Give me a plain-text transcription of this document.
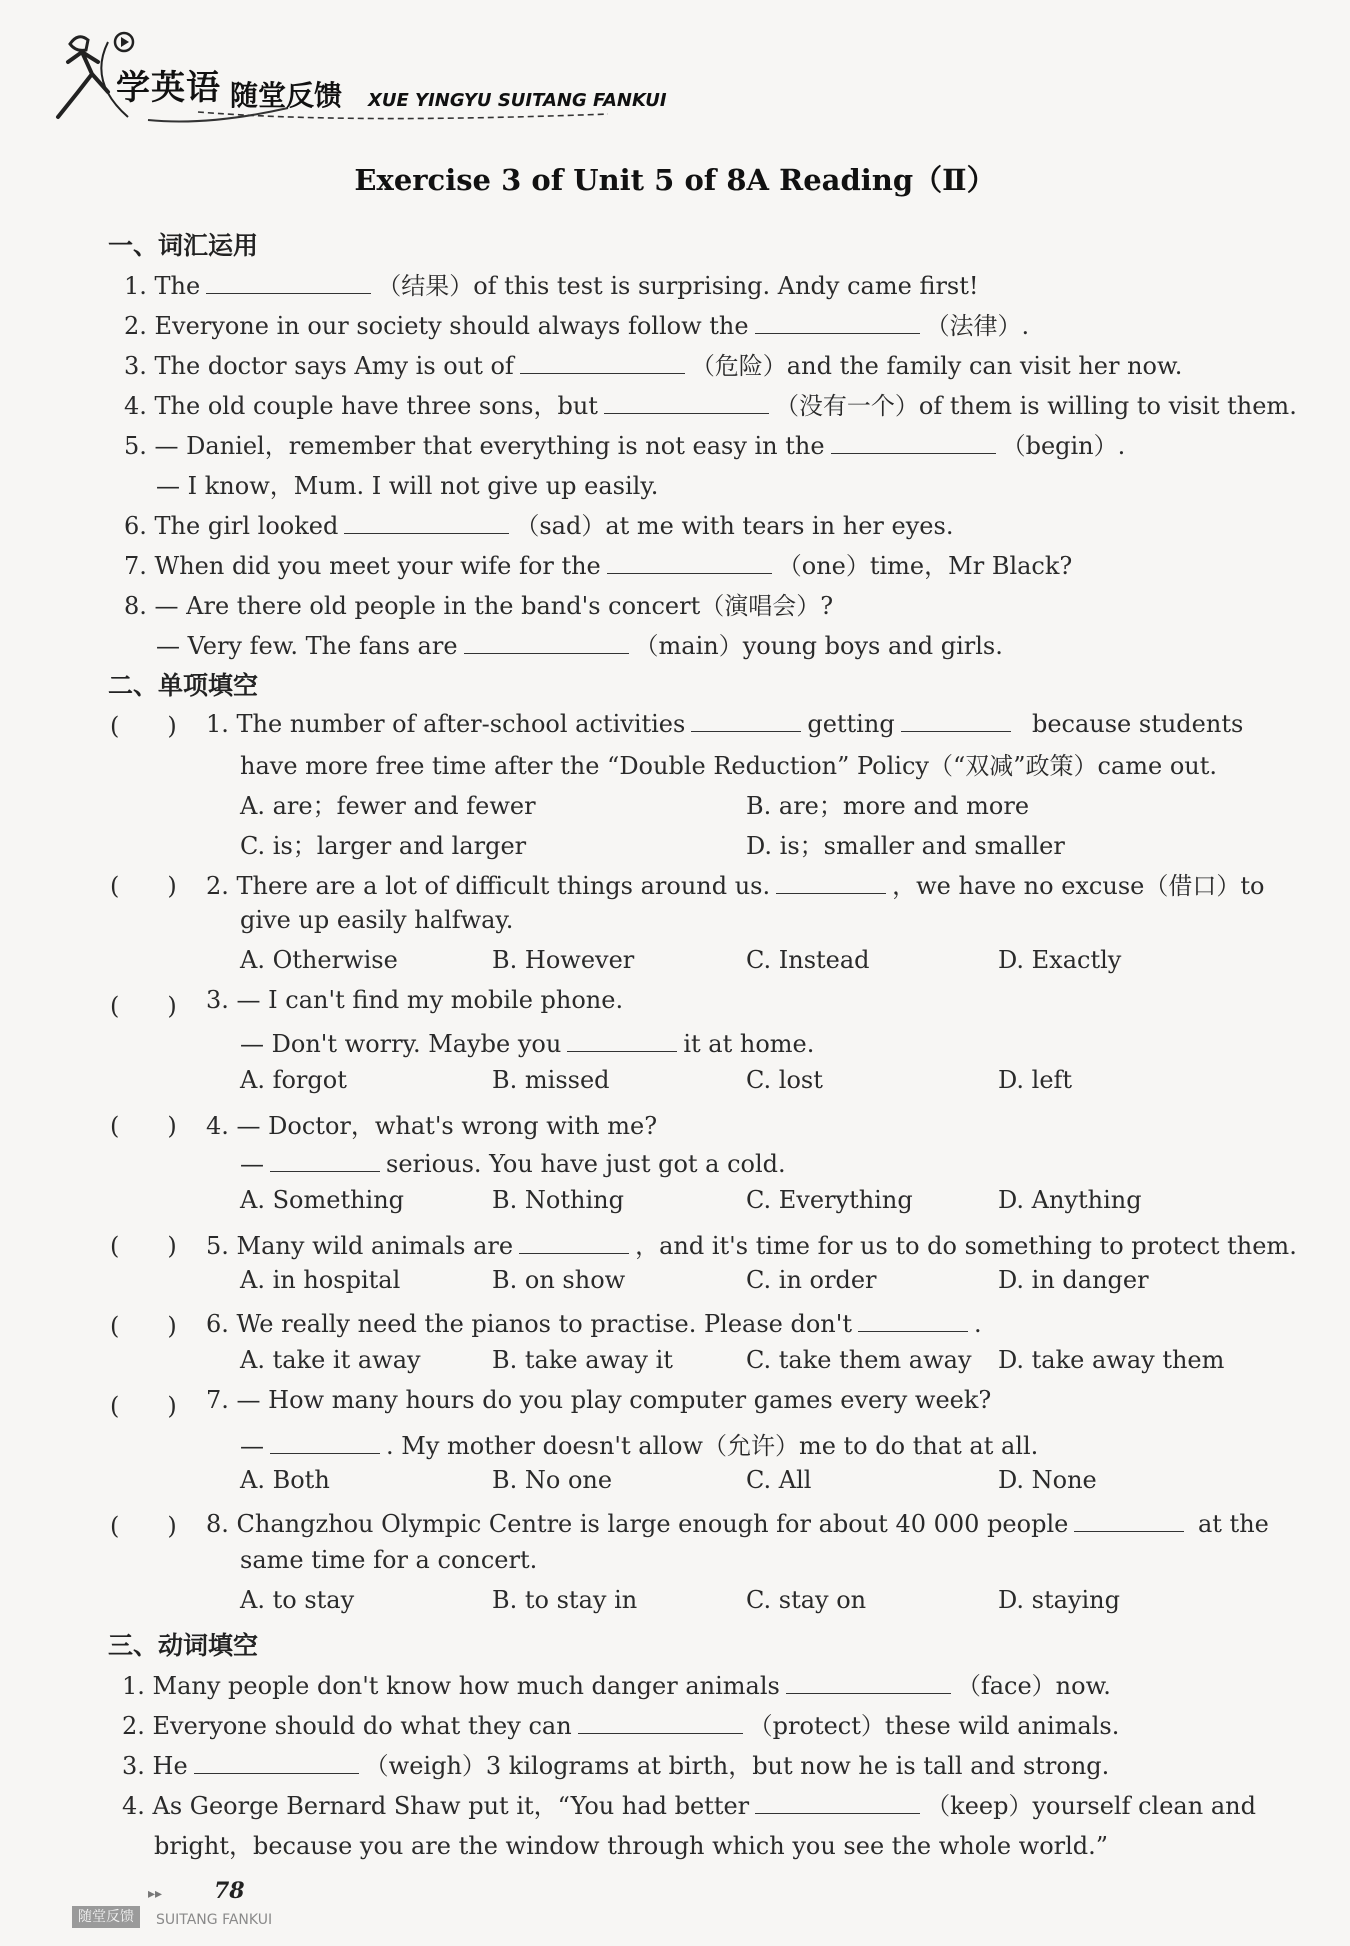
学英语 随堂反馈 XUE YINGYU SUITANG FANKUI
Exercise 3 of Unit 5 of 8A Reading（Ⅱ）
一、词汇运用
1. The	（结果）of this test is surprising. Andy came first!
2. Everyone in our society should always follow the	（法律）.
3. The doctor says Amy is out of	（危险）and the family can visit her now.
4. The old couple have three sons，but	（没有一个）of them is willing to visit them.
5. — Daniel，remember that everything is not easy in the	（begin）.
— I know，Mum. I will not give up easily.
6. The girl looked	（sad）at me with tears in her eyes.
7. When did you meet your wife for the	（one）time，Mr Black?
8. — Are there old people in the band's concert（演唱会）?
— Very few. The fans are	（main）young boys and girls.
二、单项填空
(　　) 1. The number of after-school activities	getting	because students
have more free time after the “Double Reduction” Policy（“双减”政策）came out.
A. are；fewer and fewer	B. are；more and more
C. is；larger and larger	D. is；smaller and smaller
(　　) 2. There are a lot of difficult things around us.	，we have no excuse（借口）to
give up easily halfway.
A. Otherwise	B. However	C. Instead	D. Exactly
(　　) 3. — I can't find my mobile phone.
— Don't worry. Maybe you	it at home.
A. forgot	B. missed	C. lost	D. left
(　　) 4. — Doctor，what's wrong with me?
—	serious. You have just got a cold.
A. Something	B. Nothing	C. Everything	D. Anything
(　　) 5. Many wild animals are	，and it's time for us to do something to protect them.
A. in hospital	B. on show	C. in order	D. in danger
(　　) 6. We really need the pianos to practise. Please don't	.
A. take it away	B. take away it	C. take them away D. take away them
(　　) 7. — How many hours do you play computer games every week?
—	. My mother doesn't allow（允许）me to do that at all.
A. Both	B. No one	C. All	D. None
(　　) 8. Changzhou Olympic Centre is large enough for about 40 000 people	at the
same time for a concert.
A. to stay	B. to stay in	C. stay on	D. staying
三、动词填空
1. Many people don't know how much danger animals	（face）now.
2. Everyone should do what they can	（protect）these wild animals.
3. He	（weigh）3 kilograms at birth，but now he is tall and strong.
4. As George Bernard Shaw put it，“You had better	（keep）yourself clean and
bright，because you are the window through which you see the whole world.”
▸▸ 78
随堂反馈	SUITANG FANKUI
